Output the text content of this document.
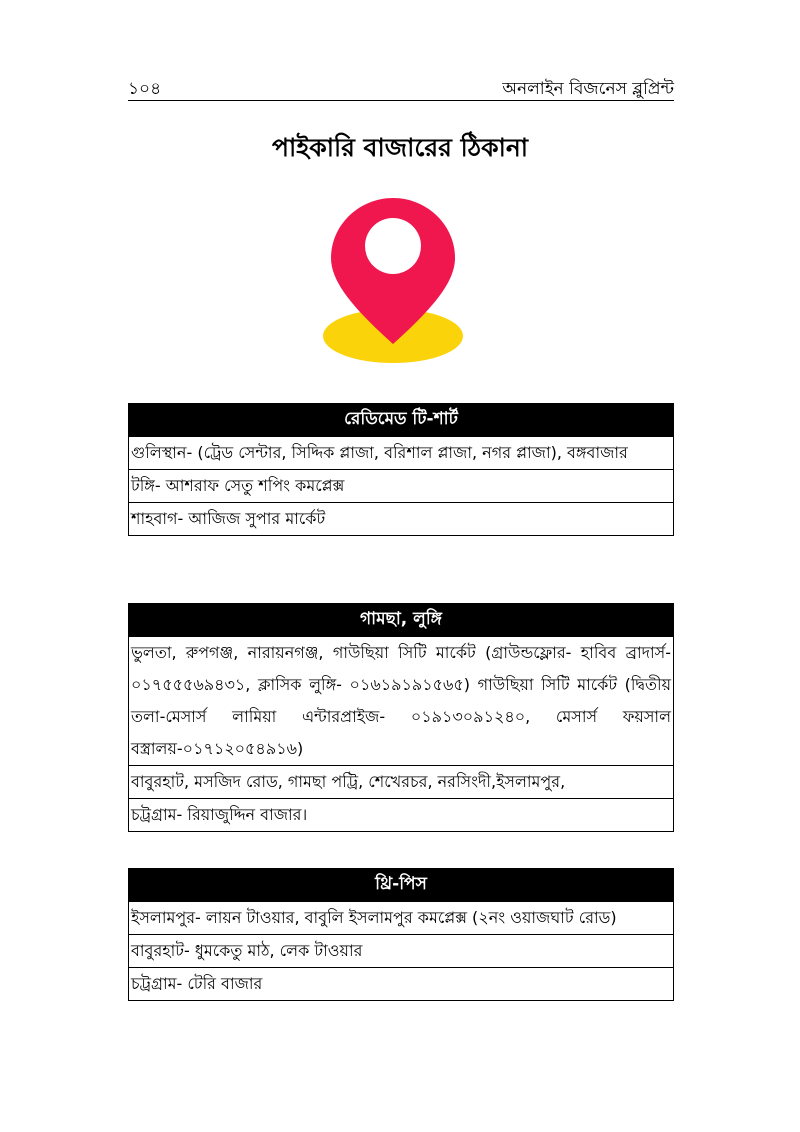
১০৪	অনলাইন বিজনেস ব্লুপ্রিন্ট
পাইকারি বাজারের ঠিকানা
রেডিমেড টি-শার্ট
গুলিস্থান- (ট্রেড সেন্টার, সিদ্দিক প্লাজা, বরিশাল প্লাজা, নগর প্লাজা), বঙ্গবাজার
টঙ্গি- আশরাফ সেতু শপিং কমপ্লেক্স
শাহবাগ- আজিজ সুপার মার্কেট
গামছা, লুঙ্গি
ভুলতা, রুপগঞ্জ, নারায়নগঞ্জ, গাউছিয়া সিটি মার্কেট (গ্রাউন্ডফ্লোর- হাবিব ব্রাদার্স- ০১৭৫৫৫৬৯৪৩১, ক্লাসিক লুঙ্গি- ০১৬১৯১৯১৫৬৫) গাউছিয়া সিটি মার্কেট (দ্বিতীয় তলা-মেসার্স লামিয়া এন্টারপ্রাইজ- ০১৯১৩০৯১২৪০, মেসার্স ফয়সাল বস্ত্রালয়-০১৭১২০৫৪৯১৬)
বাবুরহাট, মসজিদ রোড, গামছা পট্রি, শেখেরচর, নরসিংদী,ইসলামপুর,
চট্রগ্রাম- রিয়াজুদ্দিন বাজার।
থ্রি-পিস
ইসলামপুর- লায়ন টাওয়ার, বাবুলি ইসলামপুর কমপ্লেক্স (২নং ওয়াজঘাট রোড)
বাবুরহাট- ধুমকেতু মাঠ, লেক টাওয়ার
চট্রগ্রাম- টেরি বাজার
